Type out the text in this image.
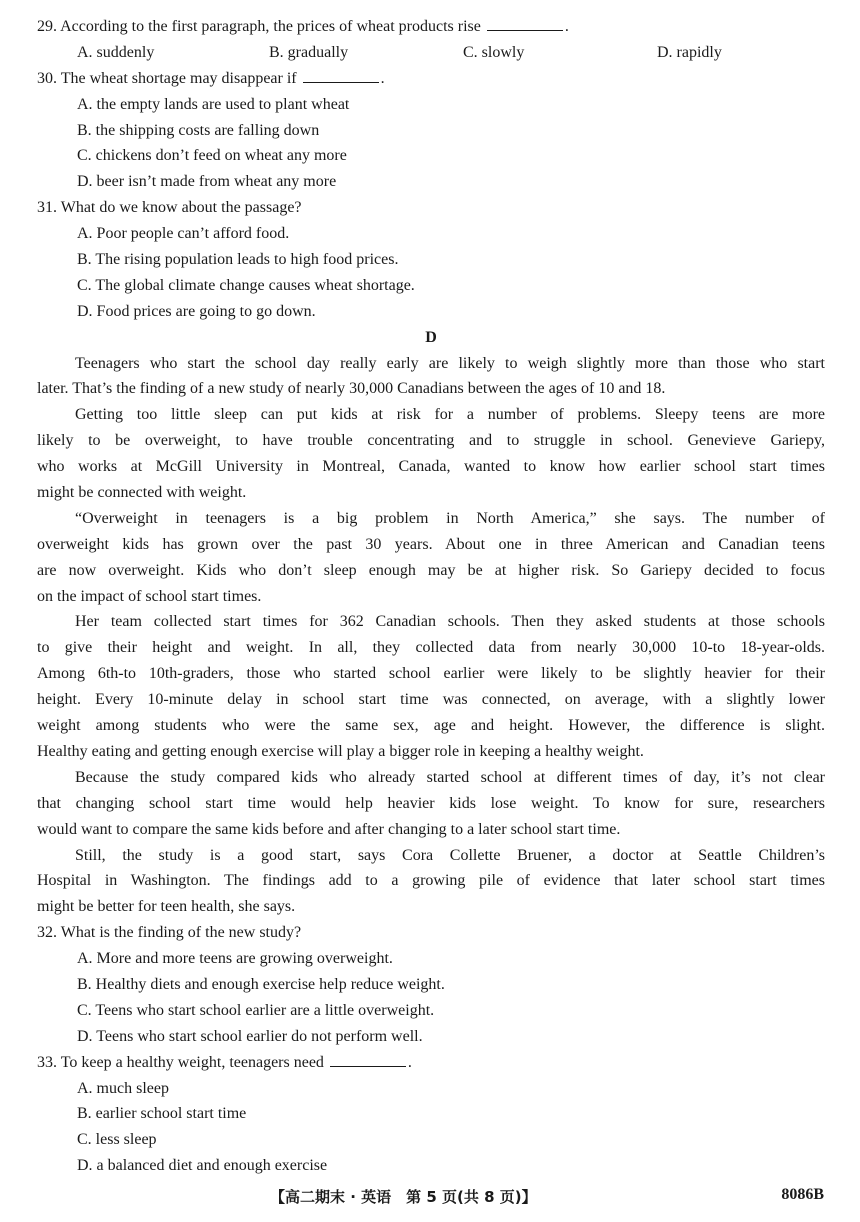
29. According to the first paragraph, the prices of wheat products rise	.
A. suddenly	B. gradually	C. slowly	D. rapidly
30. The wheat shortage may disappear if	.
A. the empty lands are used to plant wheat
B. the shipping costs are falling down
C. chickens don’t feed on wheat any more
D. beer isn’t made from wheat any more
31. What do we know about the passage?
A. Poor people can’t afford food.
B. The rising population leads to high food prices.
C. The global climate change causes wheat shortage.
D. Food prices are going to go down.
D
Teenagers who start the school day really early are likely to weigh slightly more than those who start
later. That’s the finding of a new study of nearly 30,000 Canadians between the ages of 10 and 18.
Getting too little sleep can put kids at risk for a number of problems. Sleepy teens are more
likely to be overweight, to have trouble concentrating and to struggle in school. Genevieve Gariepy,
who works at McGill University in Montreal, Canada, wanted to know how earlier school start times
might be connected with weight.
“Overweight in teenagers is a big problem in North America,” she says. The number of
overweight kids has grown over the past 30 years. About one in three American and Canadian teens
are now overweight. Kids who don’t sleep enough may be at higher risk. So Gariepy decided to focus
on the impact of school start times.
Her team collected start times for 362 Canadian schools. Then they asked students at those schools
to give their height and weight. In all, they collected data from nearly 30,000 10-to 18-year-olds.
Among 6th-to 10th-graders, those who started school earlier were likely to be slightly heavier for their
height. Every 10-minute delay in school start time was connected, on average, with a slightly lower
weight among students who were the same sex, age and height. However, the difference is slight.
Healthy eating and getting enough exercise will play a bigger role in keeping a healthy weight.
Because the study compared kids who already started school at different times of day, it’s not clear
that changing school start time would help heavier kids lose weight. To know for sure, researchers
would want to compare the same kids before and after changing to a later school start time.
Still, the study is a good start, says Cora Collette Bruener, a doctor at Seattle Children’s
Hospital in Washington. The findings add to a growing pile of evidence that later school start times
might be better for teen health, she says.
32. What is the finding of the new study?
A. More and more teens are growing overweight.
B. Healthy diets and enough exercise help reduce weight.
C. Teens who start school earlier are a little overweight.
D. Teens who start school earlier do not perform well.
33. To keep a healthy weight, teenagers need	.
A. much sleep
B. earlier school start time
C. less sleep
D. a balanced diet and enough exercise
【高二期末 · 英语　第 5 页(共 8 页)】	8086B
